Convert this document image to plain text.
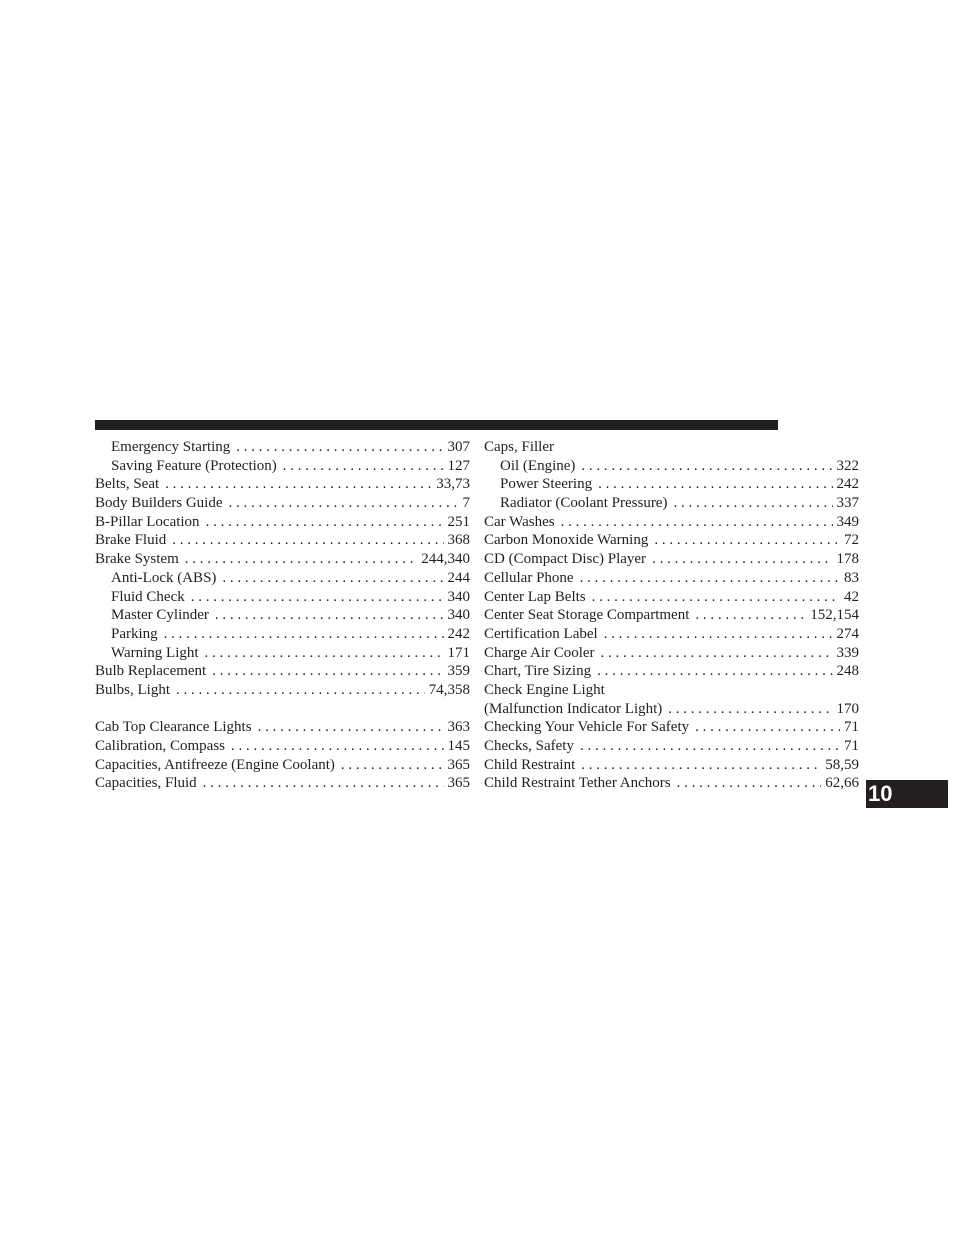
Emergency Starting . . .	307
Saving Feature (Protection) . . .	127
Belts, Seat . . .	33,73
Body Builders Guide . . .	7
B-Pillar Location . . .	251
Brake Fluid . . .	368
Brake System . . .	244,340
Anti-Lock (ABS) . . .	244
Fluid Check . . .	340
Master Cylinder . . .	340
Parking . . .	242
Warning Light . . .	171
Bulb Replacement . . .	359
Bulbs, Light . . .	74,358
Cab Top Clearance Lights . . .	363
Calibration, Compass . . .	145
Capacities, Antifreeze (Engine Coolant) . . .	365
Capacities, Fluid . . .	365
Caps, Filler
Oil (Engine) . . .	322
Power Steering . . .	242
Radiator (Coolant Pressure) . . .	337
Car Washes . . .	349
Carbon Monoxide Warning . . .	72
CD (Compact Disc) Player . . .	178
Cellular Phone . . .	83
Center Lap Belts . . .	42
Center Seat Storage Compartment . . .	152,154
Certification Label . . .	274
Charge Air Cooler . . .	339
Chart, Tire Sizing . . .	248
Check Engine Light
(Malfunction Indicator Light) . . .	170
Checking Your Vehicle For Safety . . .	71
Checks, Safety . . .	71
Child Restraint . . .	58,59
Child Restraint Tether Anchors . . .	62,66 10
